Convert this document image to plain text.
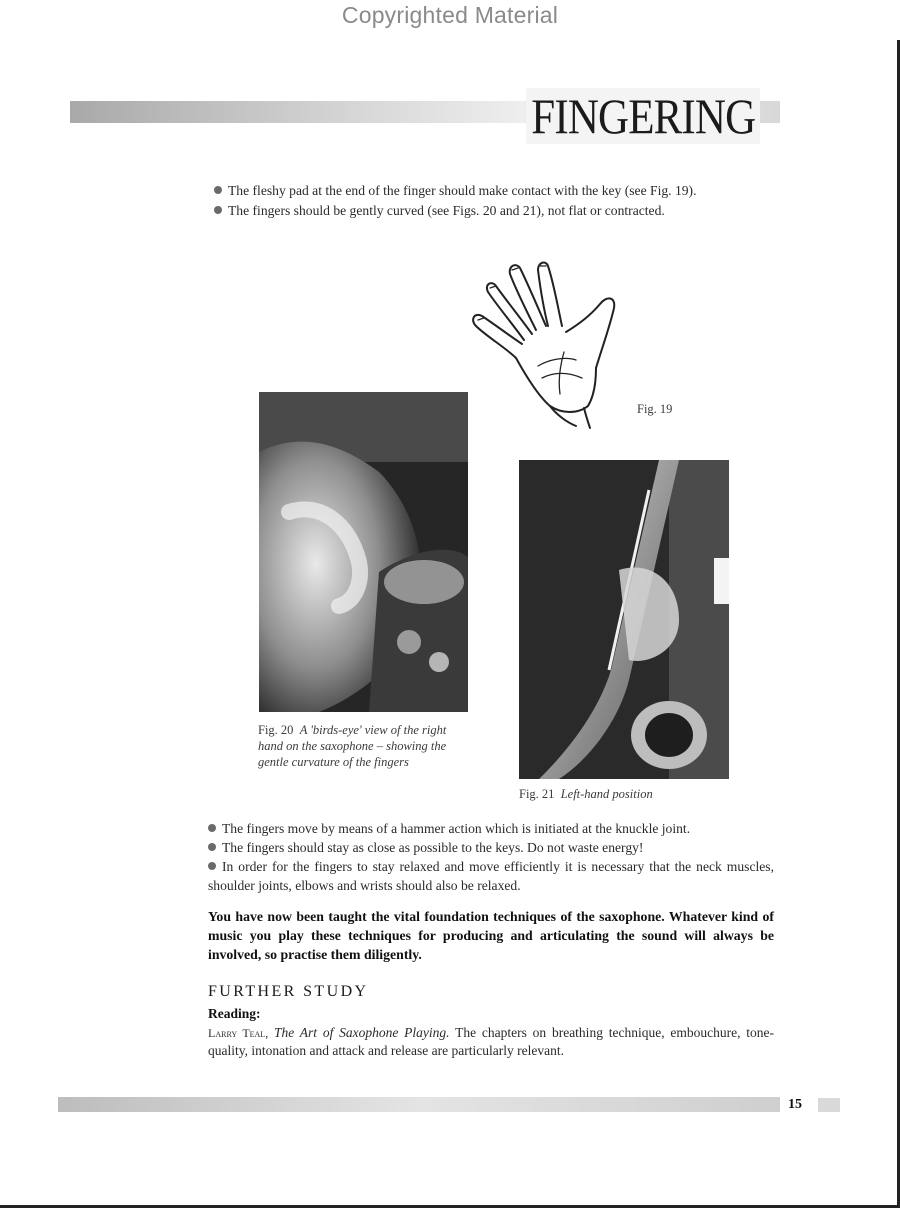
Copyrighted Material
FINGERING

The fleshy pad at the end of the finger should make contact with the key (see Fig. 19).

The fingers should be gently curved (see Figs. 20 and 21), not flat or contracted.

Fig. 19
Fig. 20 A 'birds-eye' view of the right hand on the saxophone – showing the gentle curvature of the fingers
Fig. 21 Left-hand position

The fingers move by means of a hammer action which is initiated at the knuckle joint.

The fingers should stay as close as possible to the keys. Do not waste energy!

In order for the fingers to stay relaxed and move efficiently it is necessary that the neck muscles, shoulder joints, elbows and wrists should also be relaxed.

You have now been taught the vital foundation techniques of the saxophone. Whatever kind of music you play these techniques for producing and articulating the sound will always be involved, so practise them diligently.
FURTHER STUDY
Reading:
Larry Teal, The Art of Saxophone Playing. The chapters on breathing technique, embouchure, tone-quality, intonation and attack and release are particularly relevant.
15
